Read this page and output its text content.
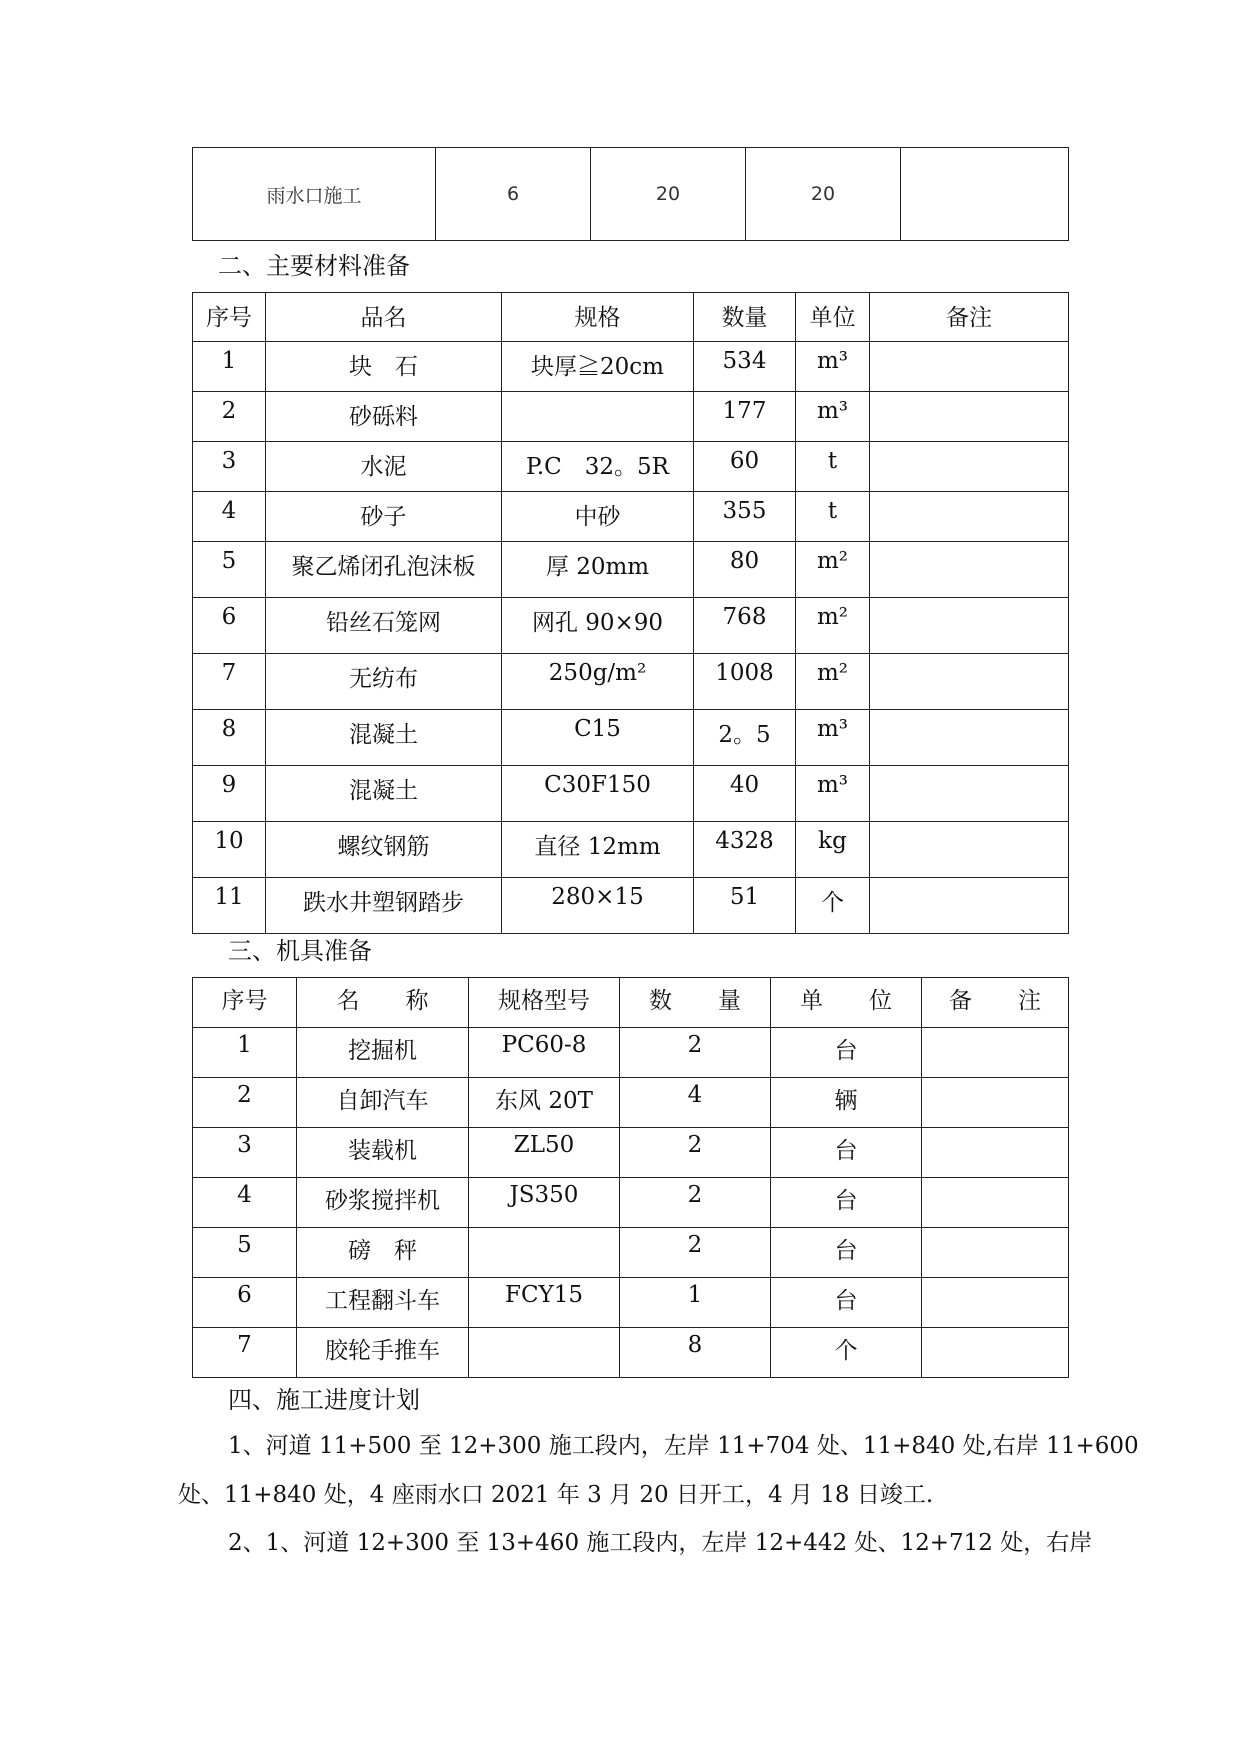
雨水口施工	6	20	20	
二、主要材料准备
序号	品名	规格	数量	单位	备注
1	块　石	块厚≧20cm	534	m³	
2	砂砾料		177	m³	
3	水泥	P.C　32。5R	60	t	
4	砂子	中砂	355	t	
5	聚乙烯闭孔泡沫板	厚 20mm	80	m²	
6	铅丝石笼网	网孔 90×90	768	m²	
7	无纺布	250g/m²	1008	m²	
8	混凝土	C15	2。5	m³	
9	混凝土	C30F150	40	m³	
10	螺纹钢筋	直径 12mm	4328	kg	
11	跌水井塑钢踏步	280×15	51	个	
三、机具准备
序号	名　　称	规格型号	数　　量	单　　位	备　　注
1	挖掘机	PC60-8	2	台	
2	自卸汽车	东风 20T	4	辆	
3	装载机	ZL50	2	台	
4	砂浆搅拌机	JS350	2	台	
5	磅　秤		2	台	
6	工程翻斗车	FCY15	1	台	
7	胶轮手推车		8	个	
四、施工进度计划
1、河道 11+500 至 12+300 施工段内，左岸 11+704 处、11+840 处,右岸 11+600
处、11+840 处，4 座雨水口 2021 年 3 月 20 日开工，4 月 18 日竣工.
2、1、河道 12+300 至 13+460 施工段内，左岸 12+442 处、12+712 处，右岸
